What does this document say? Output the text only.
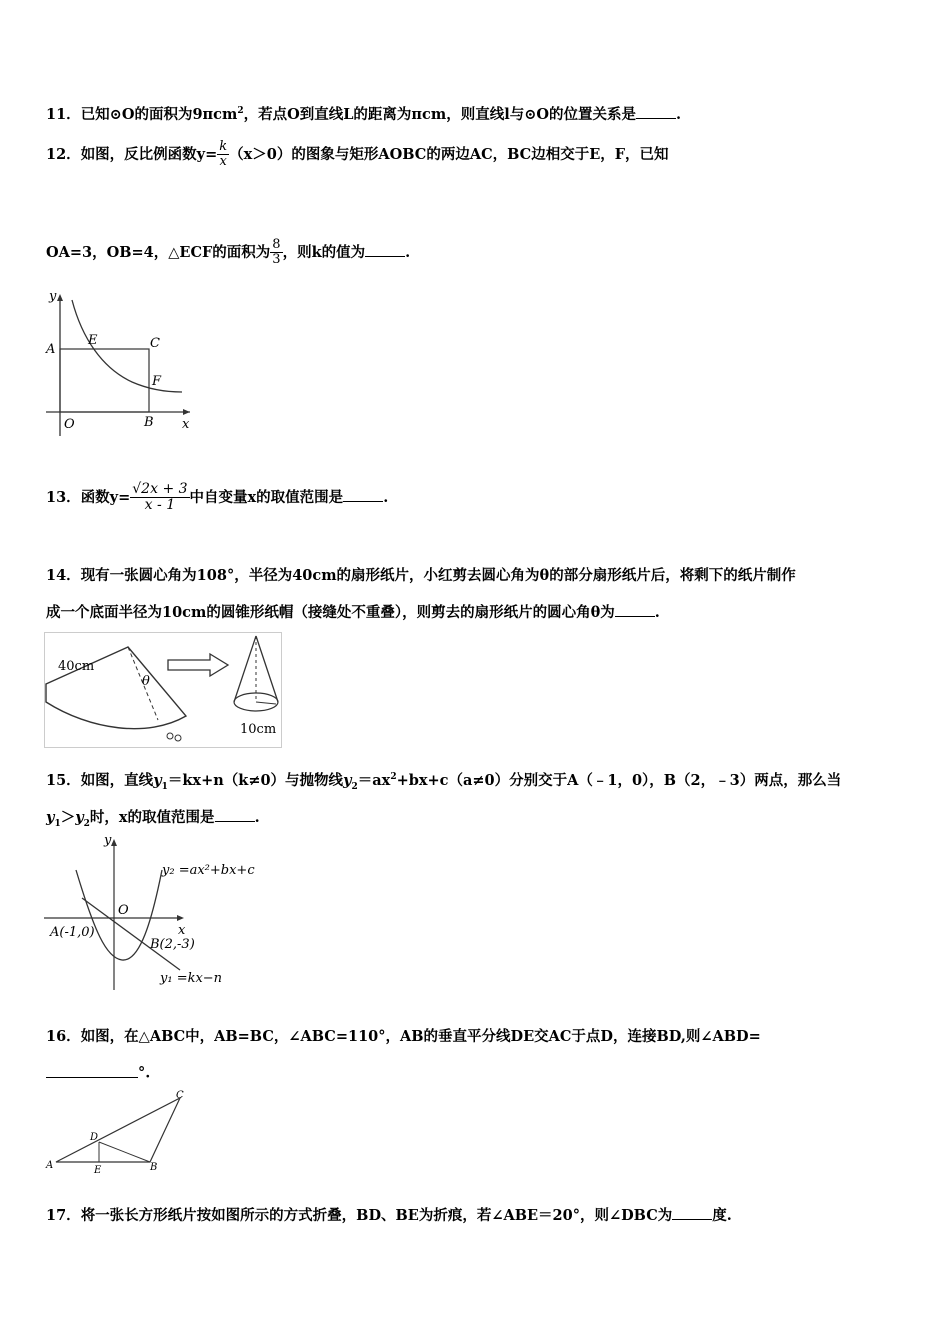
11．已知⊙O的面积为9πcm$^2$，若点O到直线L的距离为πcm，则直线l与⊙O的位置关系是	.
12．如图，反比例函数$y= \frac{k}{x} (x>0)$的图象与矩形AOBC的两边AC，BC边相交于E，F，已知
OA=3，OB=4，△ECF的面积为 $\frac{8}{3}$ ，则k的值为	.
y
A
E	C
F
O	B x
13．函数$y= \frac{√2x + 3}{x - 1}$ 中自变量x的取值范围是	.
14．现有一张圆心角为108°，半径为40cm的扇形纸片，小红剪去圆心角为θ的部分扇形纸片后，将剩下的纸片制作
成一个底面半径为10cm的圆锥形纸帽（接缝处不重叠），则剪去的扇形纸片的圆心角θ为	.
40cm
θ
10cm
15．如图，直线$y_1=kx+n(k\ne 0)$与抛物线$y_2=ax^2+bx+c(a\ne 0)$分别交于A（﹣1，0），B（2，﹣3）两点，那么当
$y_1>y_2$时，x的取值范围是	.
y
x
O
y₂ =ax²+bx+c
y₁ =kx−n
A(-1,0)
B(2,-3)
16．如图，在△ABC中，AB=BC，∠ABC=110°，AB的垂直平分线DE交AC于点D，连接BD,则∠ABD=
°.
A	B
C
D
E
17．将一张长方形纸片按如图所示的方式折叠，BD、BE为折痕，若∠ABE＝20°，则∠DBC为	度.
